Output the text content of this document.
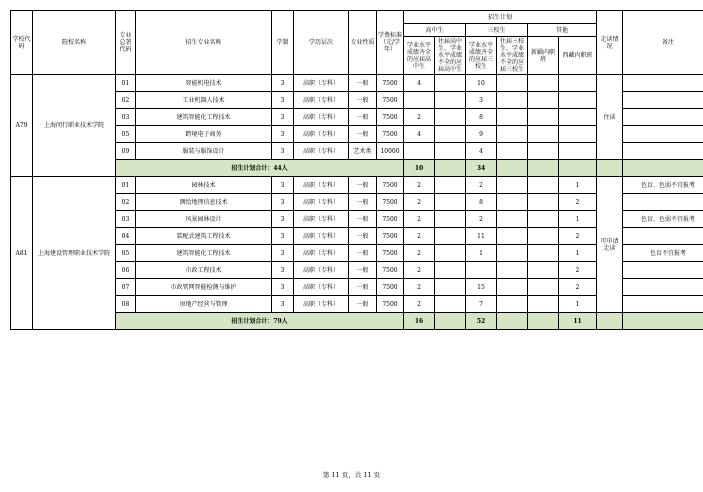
学校代码	院校名称	专业总署代码	招生专业名称	学制	学历层次	专业性质	学费标准（元/学年）	招生计划						走读情况	备注
								高中生		三校生		其他			
								学业水平成绩齐全的应届高中生	往届高中生、学业水平成绩不全的应届高中生	学业水平成绩齐全的应届三校生	往届三校生、学业水平成绩不全的应届三校生	新疆内职班	西藏内职班		
A79	上海闵行职业技术学院	01	智能机电技术	3	高职（专科）	一般	7500	4		10				住读	
		02	工业机器人技术	3	高职（专科）	一般	7500			3					
		03	建筑智能化工程技术	3	高职（专科）	一般	7500	2		8					
		05	跨境电子商务	3	高职（专科）	一般	7500	4		9					
		09	服装与服饰设计	3	高职（专科）	艺术类	10000			4					
		招生计划合计：44人						10		34					
A81	上海建设管理职业技术学院	01	园林技术	3	高职（专科）	一般	7500	2		2			1	可申请走读	色盲、色弱不宜报考
		02	测绘地理信息技术	3	高职（专科）	一般	7500	2		8			2		
		03	风景园林设计	3	高职（专科）	一般	7500	2		2			1		色盲、色弱不宜报考
		04	装配式建筑工程技术	3	高职（专科）	一般	7500	2		11			2		
		05	建筑智能化工程技术	3	高职（专科）	一般	7500	2		1			1		色盲不宜报考
		06	市政工程技术	3	高职（专科）	一般	7500	2					2		
		07	市政管网智能检测与维护	3	高职（专科）	一般	7500	2		15			2		
		08	房地产经营与管理	3	高职（专科）	一般	7500	2		7			1		
		招生计划合计：79人						16		52			11		
第 11 页，共 11 页
